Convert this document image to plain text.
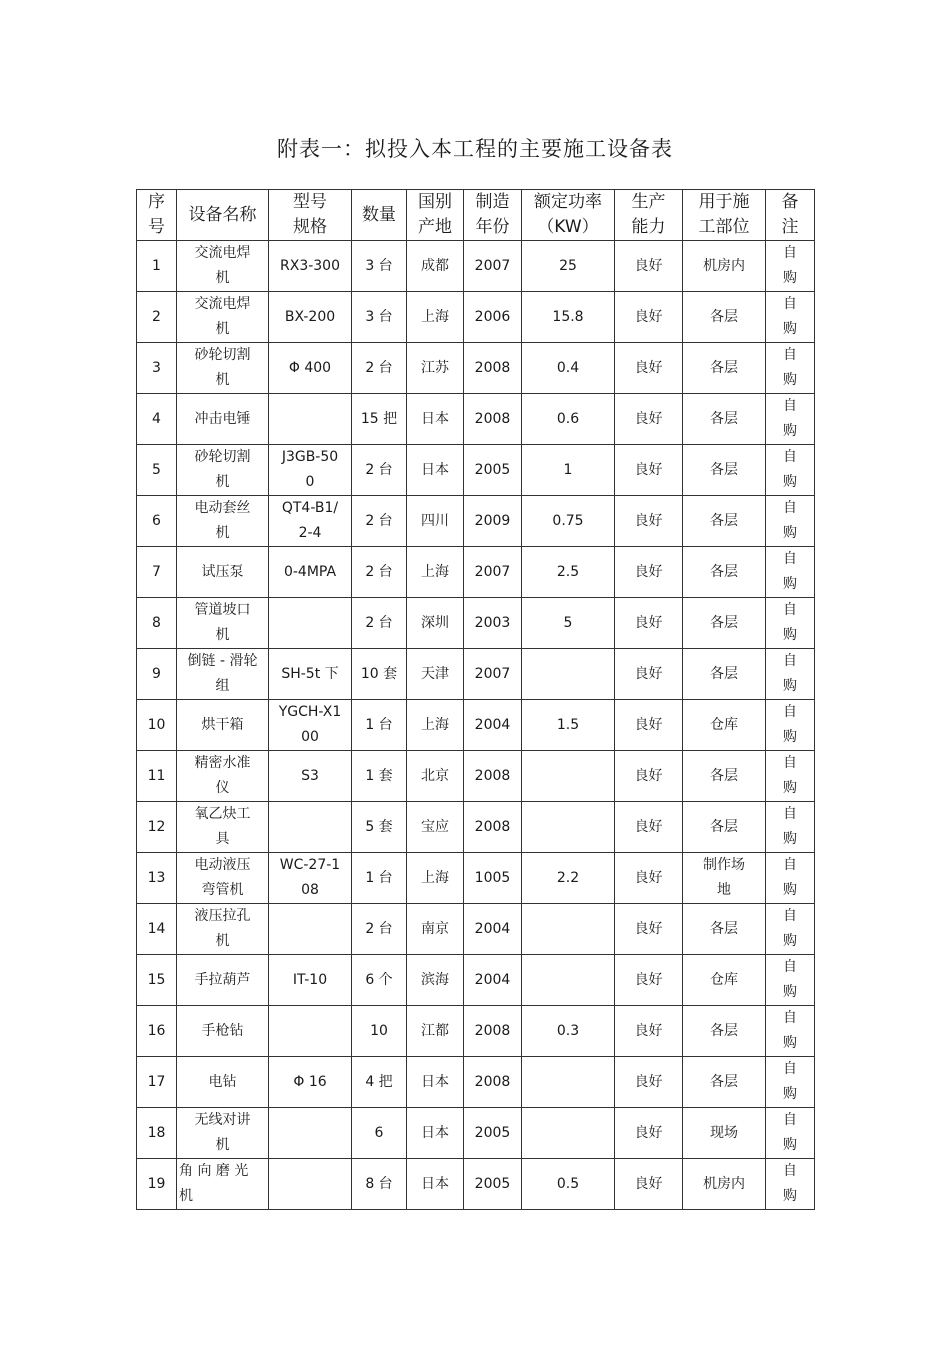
附表一：拟投入本工程的主要施工设备表
序
号	设备名称	型号
规格	数量	国别
产地	制造
年份	额定功率
（KW）	生产
能力	用于施
工部位	备
注
1	交流电焊
机	RX3-300	3 台	成都	2007	25	良好	机房内	自
购
2	交流电焊
机	BX-200	3 台	上海	2006	15.8	良好	各层	自
购
3	砂轮切割
机	Φ 400	2 台	江苏	2008	0.4	良好	各层	自
购
4	冲击电锤		15 把	日本	2008	0.6	良好	各层	自
购
5	砂轮切割
机	J3GB-50
0	2 台	日本	2005	1	良好	各层	自
购
6	电动套丝
机	QT4-B1/
2-4	2 台	四川	2009	0.75	良好	各层	自
购
7	试压泵	0-4MPA	2 台	上海	2007	2.5	良好	各层	自
购
8	管道坡口
机		2 台	深圳	2003	5	良好	各层	自
购
9	倒链 - 滑轮
组	SH-5t 下	10 套	天津	2007		良好	各层	自
购
10	烘干箱	YGCH-X1
00	1 台	上海	2004	1.5	良好	仓库	自
购
11	精密水准
仪	S3	1 套	北京	2008		良好	各层	自
购
12	氧乙炔工
具		5 套	宝应	2008		良好	各层	自
购
13	电动液压
弯管机	WC-27-1
08	1 台	上海	1005	2.2	良好	制作场
地	自
购
14	液压拉孔
机		2 台	南京	2004		良好	各层	自
购
15	手拉葫芦	IT-10	6 个	滨海	2004		良好	仓库	自
购
16	手枪钻		10	江都	2008	0.3	良好	各层	自
购
17	电钻	Φ 16	4 把	日本	2008		良好	各层	自
购
18	无线对讲
机		6	日本	2005		良好	现场	自
购
19	角 向 磨 光
机		8 台	日本	2005	0.5	良好	机房内	自
购
